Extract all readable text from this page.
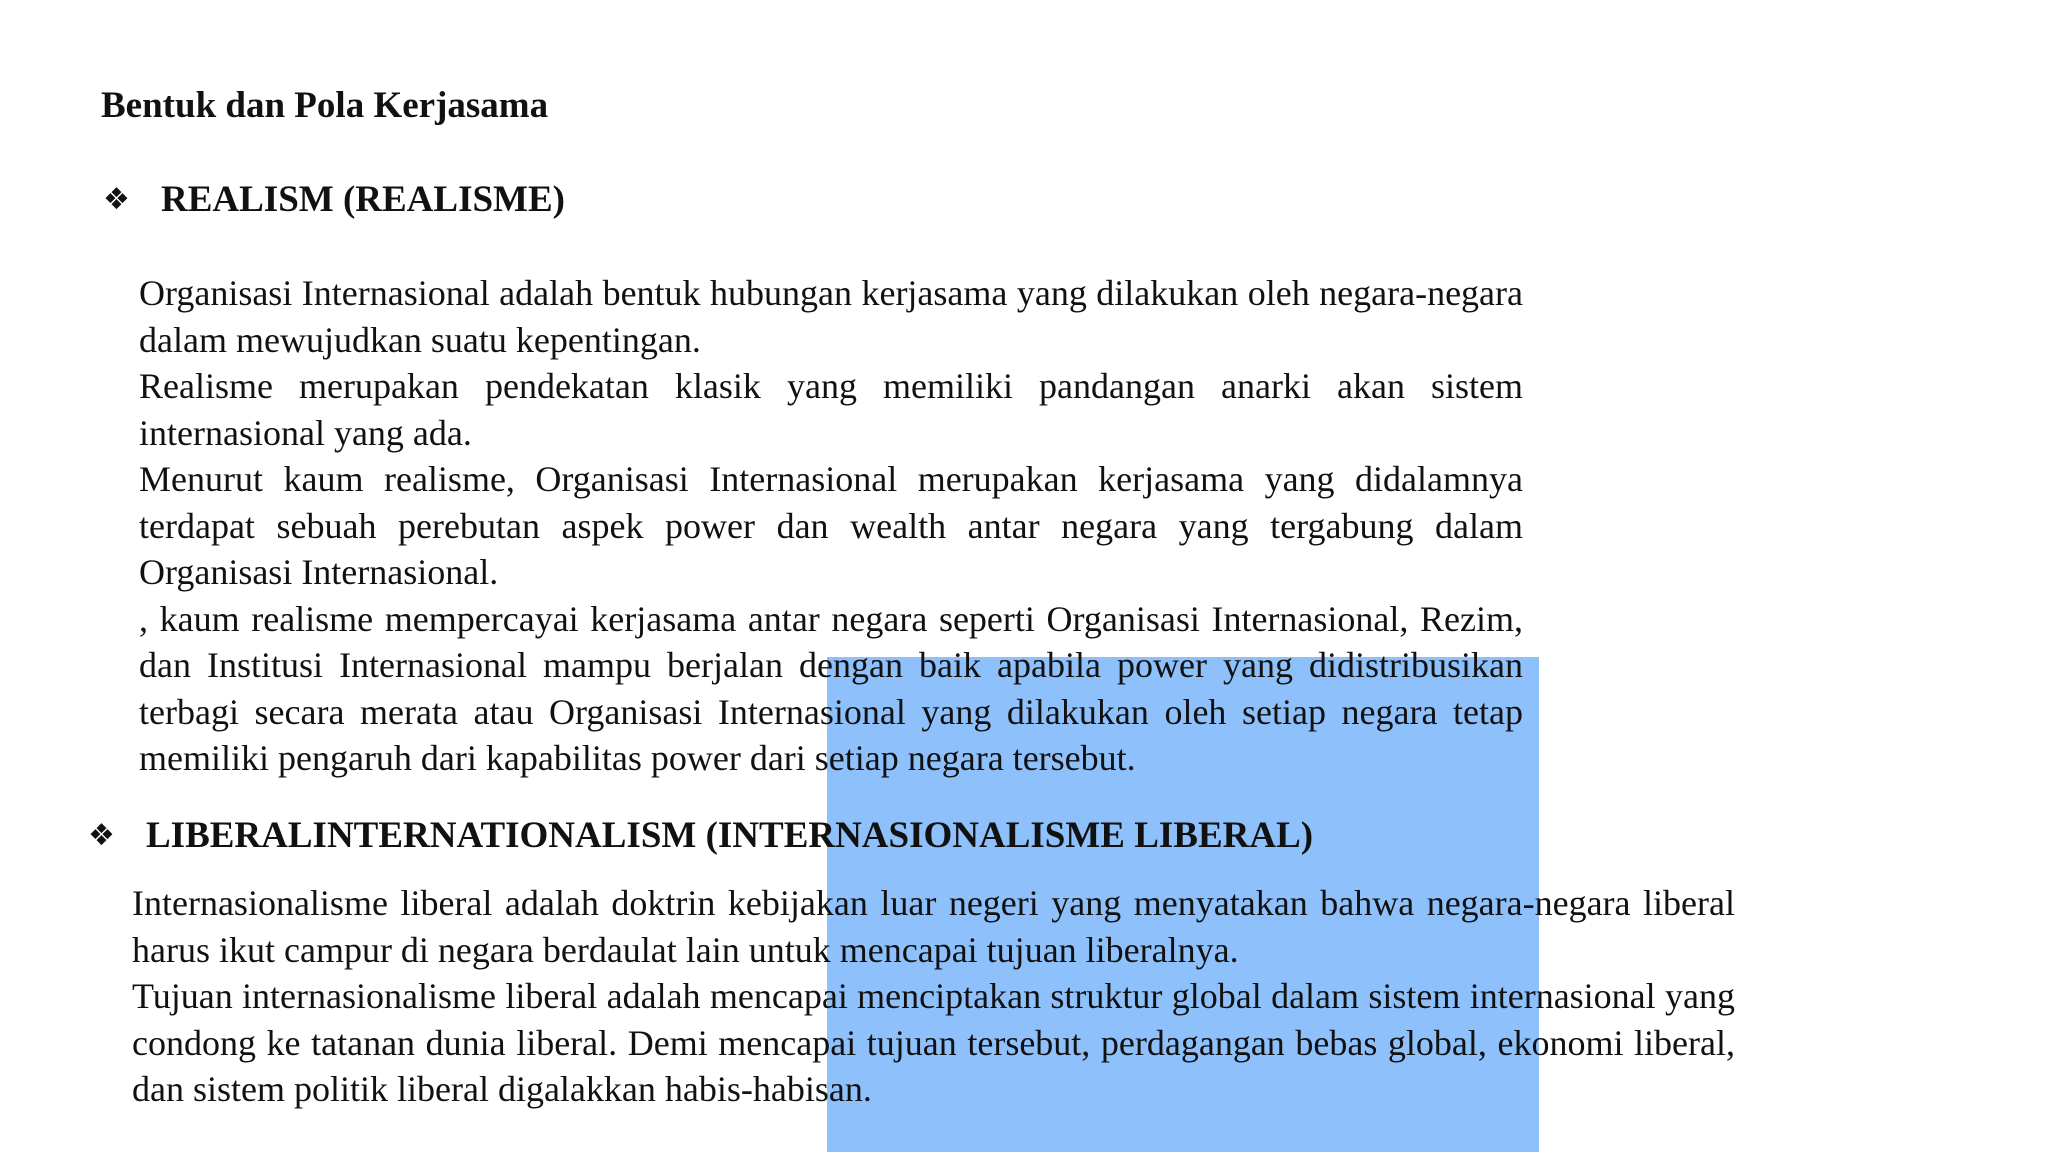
Bentuk dan Pola Kerjasama
❖ REALISM (REALISME)

Organisasi Internasional adalah bentuk hubungan kerjasama yang dilakukan oleh negara-negara dalam mewujudkan suatu kepentingan.

Realisme merupakan pendekatan klasik yang memiliki pandangan anarki akan sistem internasional yang ada.

Menurut kaum realisme, Organisasi Internasional merupakan kerjasama yang didalamnya terdapat sebuah perebutan aspek power dan wealth antar negara yang tergabung dalam Organisasi Internasional.

, kaum realisme mempercayai kerjasama antar negara seperti Organisasi Internasional, Rezim, dan Institusi Internasional mampu berjalan dengan baik apabila power yang didistribusikan terbagi secara merata atau Organisasi Internasional yang dilakukan oleh setiap negara tetap memiliki pengaruh dari kapabilitas power dari setiap negara tersebut.

❖ LIBERALINTERNATIONALISM (INTERNASIONALISME LIBERAL)

Internasionalisme liberal adalah doktrin kebijakan luar negeri yang menyatakan bahwa negara-negara liberal harus ikut campur di negara berdaulat lain untuk mencapai tujuan liberalnya.

Tujuan internasionalisme liberal adalah mencapai menciptakan struktur global dalam sistem internasional yang condong ke tatanan dunia liberal. Demi mencapai tujuan tersebut, perdagangan bebas global, ekonomi liberal, dan sistem politik liberal digalakkan habis-habisan.
